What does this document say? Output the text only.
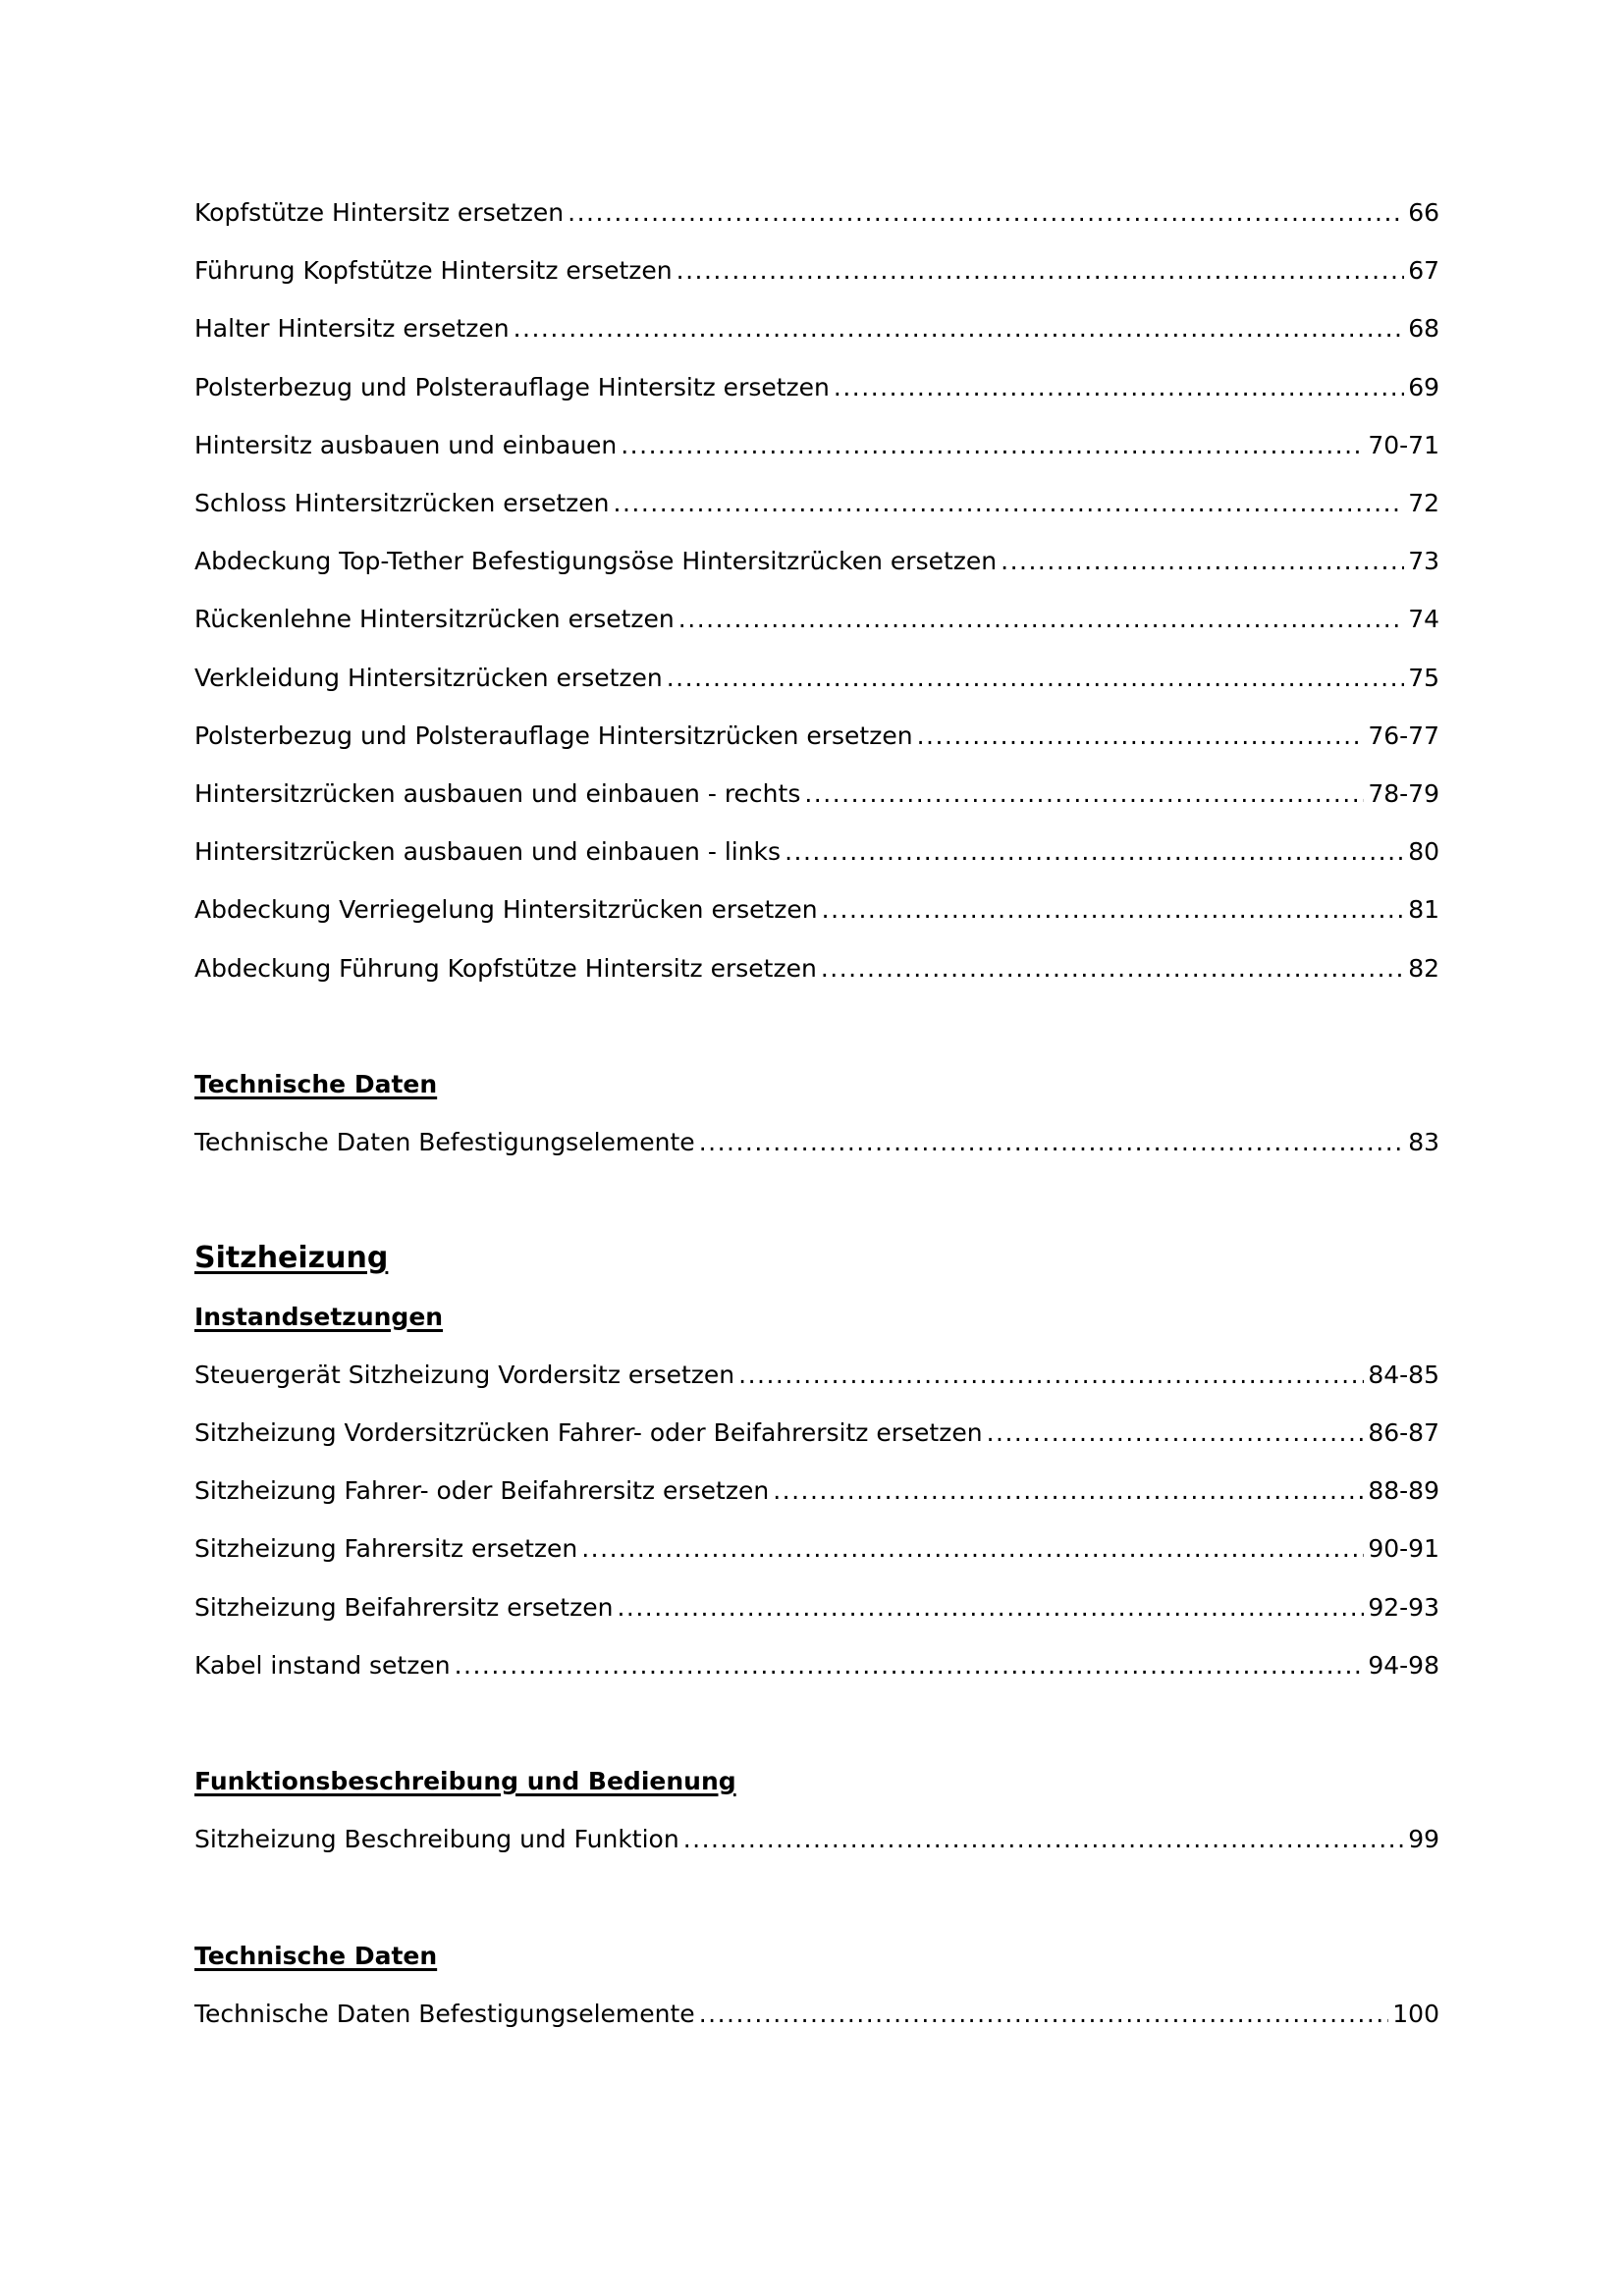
Kopfstütze Hintersitz ersetzen .....	66
Führung Kopfstütze Hintersitz ersetzen .....	67
Halter Hintersitz ersetzen .....	68
Polsterbezug und Polsterauflage Hintersitz ersetzen .....	69
Hintersitz ausbauen und einbauen .....	70-71
Schloss Hintersitzrücken ersetzen .....	72
Abdeckung Top-Tether Befestigungsöse Hintersitzrücken ersetzen .....	73
Rückenlehne Hintersitzrücken ersetzen .....	74
Verkleidung Hintersitzrücken ersetzen .....	75
Polsterbezug und Polsterauflage Hintersitzrücken ersetzen .....	76-77
Hintersitzrücken ausbauen und einbauen - rechts .....	78-79
Hintersitzrücken ausbauen und einbauen - links .....	80
Abdeckung Verriegelung Hintersitzrücken ersetzen .....	81
Abdeckung Führung Kopfstütze Hintersitz ersetzen .....	82
Technische Daten
Technische Daten Befestigungselemente .....	83
Sitzheizung
Instandsetzungen
Steuergerät Sitzheizung Vordersitz ersetzen .....	84-85
Sitzheizung Vordersitzrücken Fahrer- oder Beifahrersitz ersetzen .....	86-87
Sitzheizung Fahrer- oder Beifahrersitz ersetzen .....	88-89
Sitzheizung Fahrersitz ersetzen .....	90-91
Sitzheizung Beifahrersitz ersetzen .....	92-93
Kabel instand setzen .....	94-98
Funktionsbeschreibung und Bedienung
Sitzheizung Beschreibung und Funktion .....	99
Technische Daten
Technische Daten Befestigungselemente .....	100
